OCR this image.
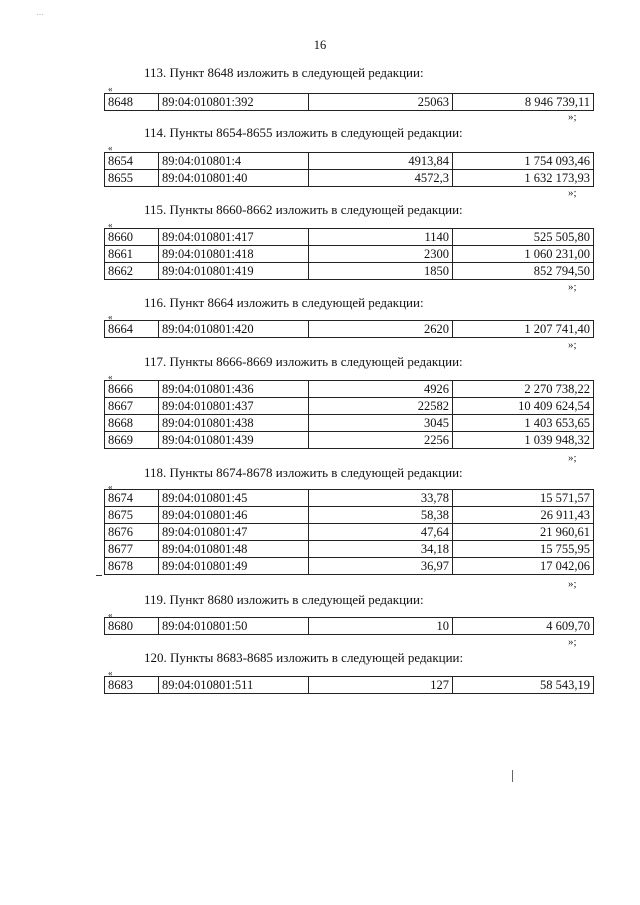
…
16
113. Пункт 8648 изложить в следующей редакции:
«
8648	89:04:010801:392	25063	8 946 739,11
»;
114. Пункты 8654-8655 изложить в следующей редакции:
«
8654	89:04:010801:4	4913,84	1 754 093,46
8655	89:04:010801:40	4572,3	1 632 173,93
»;
115. Пункты 8660-8662 изложить в следующей редакции:
«
8660	89:04:010801:417	1140	525 505,80
8661	89:04:010801:418	2300	1 060 231,00
8662	89:04:010801:419	1850	852 794,50
»;
116. Пункт 8664 изложить в следующей редакции:
«
8664	89:04:010801:420	2620	1 207 741,40
»;
117. Пункты 8666-8669 изложить в следующей редакции:
«
8666	89:04:010801:436	4926	2 270 738,22
8667	89:04:010801:437	22582	10 409 624,54
8668	89:04:010801:438	3045	1 403 653,65
8669	89:04:010801:439	2256	1 039 948,32
»;
118. Пункты 8674-8678 изложить в следующей редакции:
«
8674	89:04:010801:45	33,78	15 571,57
8675	89:04:010801:46	58,38	26 911,43
8676	89:04:010801:47	47,64	21 960,61
8677	89:04:010801:48	34,18	15 755,95
8678	89:04:010801:49	36,97	17 042,06
»;
119. Пункт 8680 изложить в следующей редакции:
«
8680	89:04:010801:50	10	4 609,70
»;
120. Пункты 8683-8685 изложить в следующей редакции:
«
8683	89:04:010801:511	127	58 543,19
